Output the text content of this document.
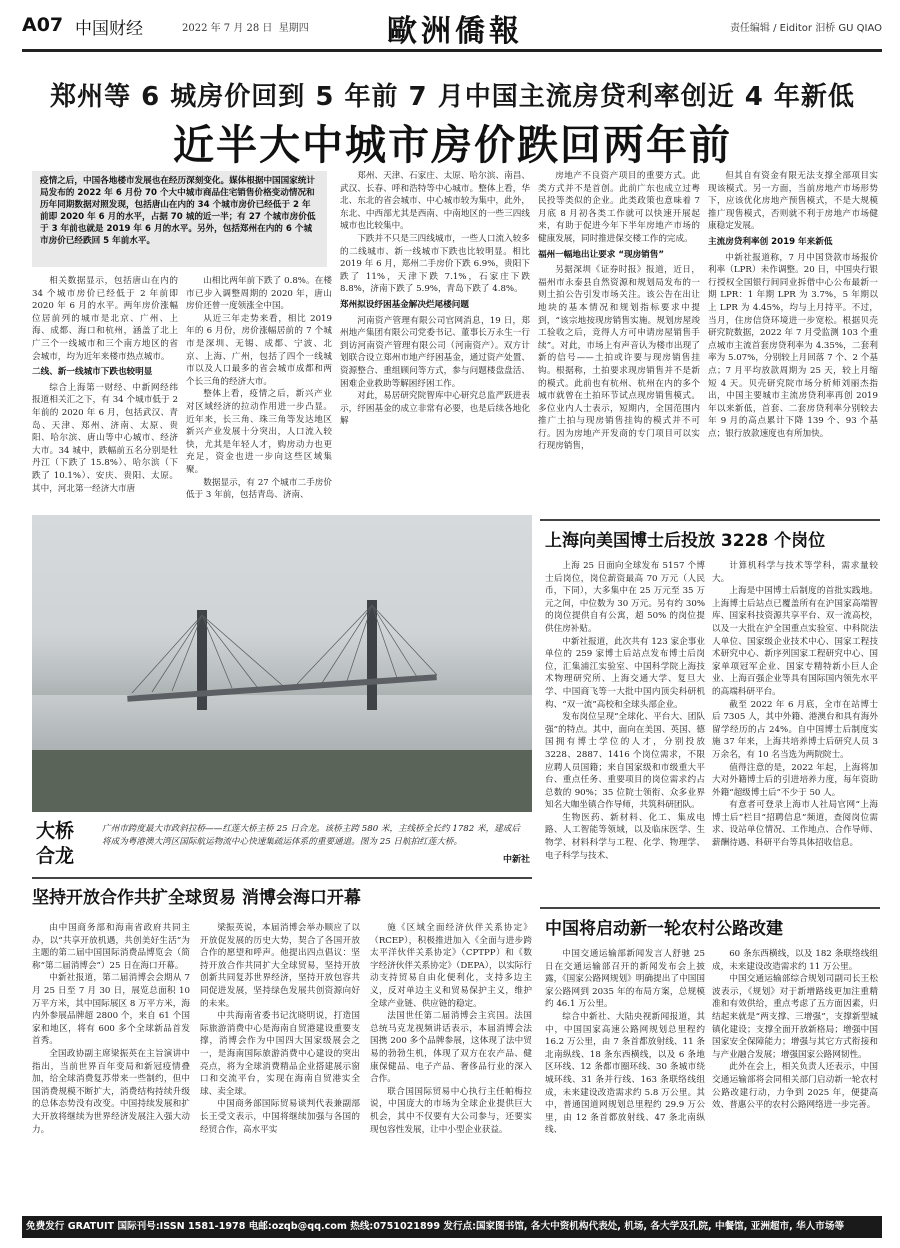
A07 中国财经	2022 年 7 月 28 日 星期四	歐洲僑報	责任编辑 / Eiditor 汩桥 GU QIAO
郑州等 6 城房价回到 5 年前 7 月中国主流房贷利率创近 4 年新低
近半大中城市房价跌回两年前
疫情之后，中国各地楼市发展也在经历深刻变化。媒体根据中国国家统计局发布的 2022 年 6 月份 70 个大中城市商品住宅销售价格变动情况和历年同期数据对照发现，包括唐山在内的 34 个城市房价已经低于 2 年前即 2020 年 6 月的水平，占据 70 城的近一半；有 27 个城市房价低于 3 年前也就是 2019 年 6 月的水平。另外，包括郑州在内的 6 个城市房价已经跌回 5 年前水平。

相关数据显示，包括唐山在内的 34 个城市房价已经低于 2 年前即 2020 年 6 月的水平。两年房价涨幅位居前列的城市是北京、广州、上海、成都、海口和杭州，涵盖了北上广三个一线城市和三个南方地区的省会城市，均为近年来楼市热点城市。

二线、新一线城市下跌也较明显

综合上海第一财经、中新网经纬报道相关汇之下，有 34 个城市低于 2 年前的 2020 年 6 月，包括武汉、青岛、天津、郑州、济南、太原、贵阳、哈尔滨、唐山等中心城市、经济大市。34 城中，跌幅前五名分别是牡丹江（下跌了 15.8%）、哈尔滨（下跌了 10.1%）、安庆、贵阳、太原。其中，河北第一经济大市唐

山相比两年前下跌了 0.8%。在楼市已步入调整周期的 2020 年，唐山房价还曾一度领涨全中国。

从近三年走势来看，相比 2019 年的 6 月份，房价涨幅居前的 7 个城市是深圳、无锡、成都、宁波、北京、上海、广州，包括了四个一线城市以及人口最多的省会城市成都和两个长三角的经济大市。

整体上看，疫情之后，新兴产业对区域经济的拉动作用进一步凸显。近年来，长三角、珠三角等发达地区新兴产业发展十分突出，人口流入较快，尤其是年轻人才，购房动力也更充足，资金也进一步向这些区域集聚。

数据显示，有 27 个城市二手房价低于 3 年前，包括青岛、济南、

郑州、天津、石家庄、太原、哈尔滨、南昌、武汉、长春、呼和浩特等中心城市。整体上看，华北、东北的省会城市、中心城市较为集中，此外，东北、中西部尤其是西南、中南地区的一些三四线城市也比较集中。

下跌并不只是三四线城市，一些人口流入较多的二线城市、新一线城市下跌也比较明显。相比 2019 年 6 月，郑州二手房价下跌 6.9%，贵阳下跌了 11%，天津下跌 7.1%，石家庄下跌 8.8%，济南下跌了 5.9%，青岛下跌了 4.8%。

郑州拟设纾困基金解决烂尾楼问题

河南资产管理有限公司官网消息，19 日，郑州地产集团有限公司党委书记、董事长万永生一行到访河南资产管理有限公司（河南资产）。双方计划联合设立郑州市地产纾困基金，通过资产处置、资源整合、重组顾问等方式，参与问题楼盘盘活、困难企业救助等解困纾困工作。

对此，易居研究院智库中心研究总监严跃进表示，纾困基金的成立非常有必要，也是后续各地化解

房地产不良资产项目的重要方式。此类方式并不是首创。此前广东也成立过粤民投等类似的企业。此类政策也意味着 7 月底 8 月初各类工作就可以快速开展起来，有助于促进今年下半年房地产市场的健康发展，同时推进保交楼工作的完成。

福州一幅地出让要求 “现房销售”

另据深圳《证券时报》报道，近日，福州市永泰县自然资源和规划局发布的一则土拍公告引发市场关注。该公告在出让地块的基本情况和规划指标要求中提到，“该宗地按现房销售实施。规划房屋竣工验收之后，竞得人方可申请房屋销售手续”。对此，市场上有声音认为楼市出现了新的信号——土拍或许要与现房销售挂钩。根据称，土拍要求现房销售并不是新的模式。此前也有杭州、杭州在内的多个城市就曾在土拍环节试点现房销售模式。多位业内人士表示，短期内，全国范围内推广土拍与现房销售挂钩的模式并不可行。因为房地产开发商的专门项目可以实行现房销售，

但其自有资金有限无法支撑全部项目实现该模式。另一方面，当前房地产市场形势下，应该优化房地产预售模式，不是大规模推广现售模式，否则就不利于房地产市场健康稳定发展。

主流房贷利率创 2019 年来新低

中新社报道称，7 月中国贷款市场报价利率（LPR）未作调整。20 日，中国央行银行授权全国银行间同业拆借中心公布最新一期 LPR：1 年期 LPR 为 3.7%，5 年期以上 LPR 为 4.45%，均与上月持平。不过，当月，住房信贷环境进一步宽松。根据贝壳研究院数据，2022 年 7 月受监测 103 个重点城市主流首套房贷利率为 4.35%，二套利率为 5.07%，分别较上月回落 7 个、2 个基点；7 月平均放款周期为 25 天，较上月缩短 4 天。贝壳研究院市场分析师刘丽杰指出，中国主要城市主流房贷利率再创 2019 年以来新低，首套、二套房贷利率分别较去年 9 月的高点累计下降 139 个、93 个基点；银行放款速度也有所加快。

大桥合龙
广州市跨度最大市政斜拉桥——红莲大桥主桥 25 日合龙。该桥主跨 580 米，主线桥全长约 1782 米，建成后将成为粤港澳大湾区国际航运物流中心快速集疏运体系的重要通道。图为 25 日航拍红莲大桥。
中新社
上海向美国博士后投放 3228 个岗位

上海 25 日面向全球发布 5157 个博士后岗位，岗位薪资最高 70 万元（人民币，下同），大多集中在 25 万元至 35 万元之间，中位数为 30 万元。另有约 30% 的岗位提供自有公寓，超 50% 的岗位提供住房补贴。

中新社报道，此次共有 123 家企事业单位的 259 家博士后站点发布博士后岗位，汇集浦江实验室、中国科学院上海技术物理研究所、上海交通大学、复旦大学、中国商飞等一大批中国内顶尖科研机构、“双一流”高校和全球头部企业。

发布岗位呈现“全球化、平台大、团队强”的特点。其中，面向在美国、英国、德国拥有博士学位的人才，分别投放 3228、2887、1416 个岗位需求，不限应聘人员国籍；来自国家级和市级重大平台、重点任务、重要项目的岗位需求约占总数的 90%；35 位院士领衔、众多业界知名大咖坐镇合作导师，共筑科研团队。

生物医药、新材料、化工、集成电路、人工智能等领域，以及临床医学、生物学、材料科学与工程、化学、物理学、电子科学与技术、

计算机科学与技术等学科，需求量较大。

上海是中国博士后制度的首批实践地。上海博士后站点已覆盖所有在沪国家高端智库、国家科技资源共享平台、双一流高校，以及一大批在沪全国重点实验室、中科院法人单位、国家级企业技术中心、国家工程技术研究中心、新序列国家工程研究中心、国家单项冠军企业、国家专精特新小巨人企业、上海百强企业等具有国际国内领先水平的高端科研平台。

截至 2022 年 6 月底，全市在站博士后 7305 人，其中外籍、港澳台和具有海外留学经历的占 24%。自中国博士后制度实施 37 年来，上海共培养博士后研究人员 3 万余名，有 10 名当选为两院院士。

值得注意的是，2022 年起，上海将加大对外籍博士后的引进培养力度，每年资助外籍“超级博士后”不少于 50 人。

有意者可登录上海市人社局官网“上海博士后”栏目“招聘信息”频道，查阅岗位需求、设站单位情况、工作地点、合作导师、薪酬待遇、科研平台等具体招收信息。

坚持开放合作共扩全球贸易 消博会海口开幕

由中国商务部和海南省政府共同主办，以“共享开放机遇，共创美好生活”为主题的第二届中国国际消费品博览会（简称“第二届消博会”）25 日在海口开幕。

中新社报道，第二届消博会会期从 7 月 25 日至 7 月 30 日，展览总面积 10 万平方米，其中国际展区 8 万平方米，海内外参展品牌超 2800 个，来自 61 个国家和地区，将有 600 多个全球新品首发首秀。

全国政协副主席梁振英在主旨演讲中指出，当前世界百年变局和新冠疫情叠加，给全球消费复苏带来一些制约，但中国消费规模不断扩大，消费结构持续升级的总体态势没有改变。中国持续发展和扩大开放将继续为世界经济发展注入强大动力。

梁振英说，本届消博会举办顺应了以开放促发展的历史大势，契合了各国开放合作的愿望和呼声。他提出四点倡议：坚持开放合作共同扩大全球贸易，坚持开放创新共同复苏世界经济，坚持开放包容共同促进发展，坚持绿色发展共创资源向好的未来。

中共海南省委书记沈晓明说，打造国际旅游消费中心是海南自贸港建设重要支撑，消博会作为中国四大国家级展会之一，是海南国际旅游消费中心建设的突出亮点，将为全球消费精品企业搭建展示窗口和交流平台，实现在海南自贸港实全球、卖全球。

中国商务部国际贸易谈判代表兼副部长王受文表示，中国将继续加强与各国的经贸合作，高水平实

施《区域全面经济伙伴关系协定》（RCEP），积极推进加入《全面与进步跨太平洋伙伴关系协定》（CPTPP）和《数字经济伙伴关系协定》（DEPA），以实际行动支持贸易自由化便利化，支持多边主义，反对单边主义和贸易保护主义，维护全球产业链、供应链的稳定。

法国世任第二届消博会主宾国。法国总统马克龙视频讲话表示，本届消博会法国携 200 多个品牌参展，这体现了法中贸易的勃勃生机，体现了双方在农产品、健康保健品、电子产品、奢侈品行业的深入合作。

联合国国际贸易中心执行主任帕梅拉说，中国庞大的市场为全球企业提供巨大机会，其中不仅要有大公司参与，还要实现包容性发展，让中小型企业获益。

中国将启动新一轮农村公路改建

中国交通运输部新闻发言人舒驰 25 日在交通运输部召开的新闻发布会上披露，《国家公路网规划》明确提出了中国国家公路网到 2035 年的布局方案，总规模约 46.1 万公里。

综合中新社、大陆央视新闻报道，其中，中国国家高速公路网规划总里程约 16.2 万公里，由 7 条首都放射线、11 条北南纵线、18 条东西横线，以及 6 条地区环线、12 条都市圈环线、30 条城市绕城环线、31 条并行线、163 条联络线组成，未来建设改造需求约 5.8 万公里。其中，普通国道网规划总里程约 29.9 万公里，由 12 条首都放射线、47 条北南纵线、

60 条东西横线，以及 182 条联络线组成，未来建设改造需求约 11 万公里。

中国交通运输部综合规划司副司长王松波表示，《规划》对于新增路线更加注重精准和有效供给，重点考虑了五方面因素，归结起来就是“两支撑、三增强”，支撑新型城镇化建设；支撑全面开放新格局；增强中国国家安全保障能力；增强与其它方式衔接和与产业融合发展；增强国家公路网韧性。

此外在会上，相关负责人还表示，中国交通运输部将会同相关部门启动新一轮农村公路改建行动，力争到 2025 年，便捷高效、普惠公平的农村公路网络进一步完善。

免费发行 GRATUIT 国际刊号:ISSN 1581-1978 电邮:ozqb@qq.com 热线:0751021899 发行点:国家图书馆, 各大中资机构代表处, 机场, 各大学及孔院, 中餐馆, 亚洲超市, 华人市场等
